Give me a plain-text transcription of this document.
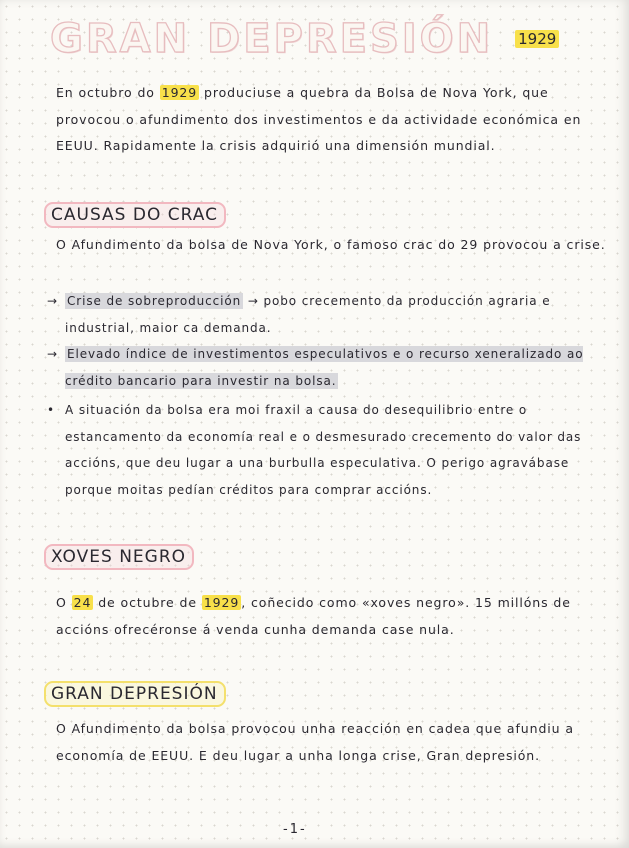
GRAN DEPRESIÓN 1929
En octubro do 1929 produciuse a quebra da Bolsa de Nova York, que provocou o afundimento dos investimentos e da actividade económica en EEUU. Rapidamente la crisis adquirió una dimensión mundial.
CAUSAS DO CRAC
O Afundimento da bolsa de Nova York, o famoso crac do 29 provocou a crise.
→ Crise de sobreproducción → pobo crecemento da producción agraria e industrial, maior ca demanda.
→ Elevado índice de investimentos especulativos e o recurso xeneralizado ao crédito bancario para investir na bolsa.
• A situación da bolsa era moi fraxil a causa do desequilibrio entre o estancamento da economía real e o desmesurado crecemento do valor das accións, que deu lugar a una burbulla especulativa. O perigo agravábase porque moitas pedían créditos para comprar accións.
XOVES NEGRO
O 24 de octubre de 1929 , coñecido como «xoves negro». 15 millóns de accións ofrecéronse á venda cunha demanda case nula.
GRAN DEPRESIÓN
O Afundimento da bolsa provocou unha reacción en cadea que afundiu a economía de EEUU. E deu lugar a unha longa crise, Gran depresión.
-1-
